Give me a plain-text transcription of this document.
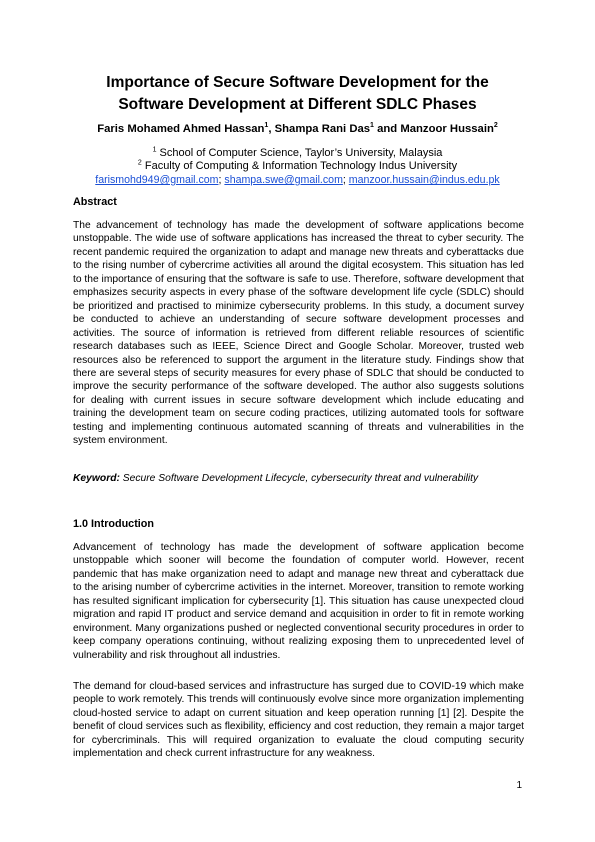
Importance of Secure Software Development for the
Software Development at Different SDLC Phases
Faris Mohamed Ahmed Hassan$^1$, Shampa Rani Das$^1$ and Manzoor Hussain$^2$
$^1$ School of Computer Science, Taylor’s University, Malaysia
$^2$ Faculty of Computing & Information Technology Indus University
farismohd949@gmail.com; shampa.swe@gmail.com; manzoor.hussain@indus.edu.pk
Abstract
The advancement of technology has made the development of software applications become unstoppable. The wide use of software applications has increased the threat to cyber security. The recent pandemic required the organization to adapt and manage new threats and cyberattacks due to the rising number of cybercrime activities all around the digital ecosystem. This situation has led to the importance of ensuring that the software is safe to use. Therefore, software development that emphasizes security aspects in every phase of the software development life cycle (SDLC) should be prioritized and practised to minimize cybersecurity problems. In this study, a document survey be conducted to achieve an understanding of secure software development processes and activities. The source of information is retrieved from different reliable resources of scientific research databases such as IEEE, Science Direct and Google Scholar. Moreover, trusted web resources also be referenced to support the argument in the literature study. Findings show that there are several steps of security measures for every phase of SDLC that should be conducted to improve the security performance of the software developed. The author also suggests solutions for dealing with current issues in secure software development which include educating and training the development team on secure coding practices, utilizing automated tools for software testing and implementing continuous automated scanning of threats and vulnerabilities in the system environment.
Keyword: Secure Software Development Lifecycle, cybersecurity threat and vulnerability
1.0 Introduction
Advancement of technology has made the development of software application become unstoppable which sooner will become the foundation of computer world. However, recent pandemic that has make organization need to adapt and manage new threat and cyberattack due to the arising number of cybercrime activities in the internet. Moreover, transition to remote working has resulted significant implication for cybersecurity [1]. This situation has cause unexpected cloud migration and rapid IT product and service demand and acquisition in order to fit in remote working environment. Many organizations pushed or neglected conventional security procedures in order to keep company operations continuing, without realizing exposing them to unprecedented level of vulnerability and risk throughout all industries.
The demand for cloud-based services and infrastructure has surged due to COVID-19 which make people to work remotely. This trends will continuously evolve since more organization implementing cloud-hosted service to adapt on current situation and keep operation running [1] [2]. Despite the benefit of cloud services such as flexibility, efficiency and cost reduction, they remain a major target for cybercriminals. This will required organization to evaluate the cloud computing security implementation and check current infrastructure for any weakness.
1
